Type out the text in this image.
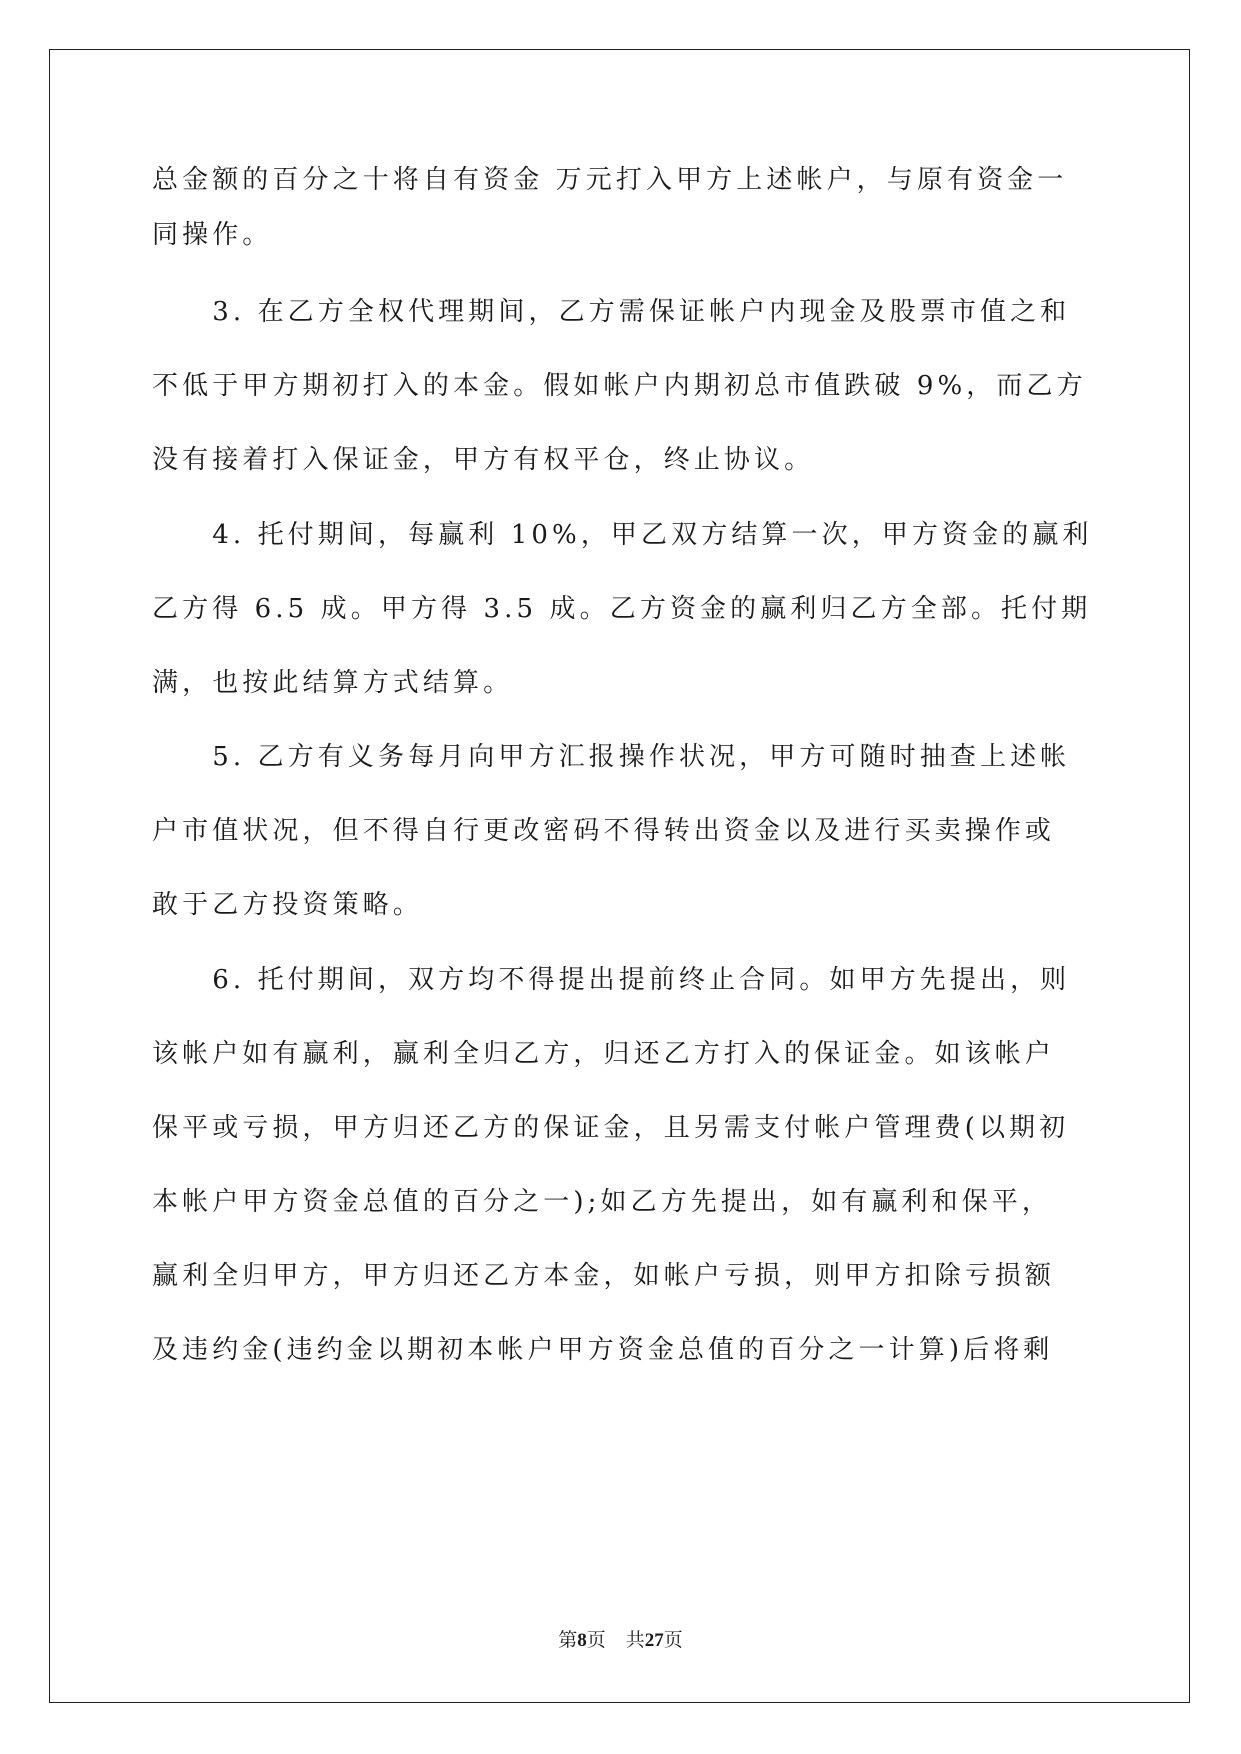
总金额的百分之十将自有资金 万元打入甲方上述帐户，与原有资金一
同操作。
　　3. 在乙方全权代理期间，乙方需保证帐户内现金及股票市值之和
不低于甲方期初打入的本金。假如帐户内期初总市值跌破 9%，而乙方
没有接着打入保证金，甲方有权平仓，终止协议。
　　4. 托付期间，每赢利 10%，甲乙双方结算一次，甲方资金的赢利
乙方得 6.5 成。甲方得 3.5 成。乙方资金的赢利归乙方全部。托付期
满，也按此结算方式结算。
　　5. 乙方有义务每月向甲方汇报操作状况，甲方可随时抽查上述帐
户市值状况，但不得自行更改密码不得转出资金以及进行买卖操作或
敢于乙方投资策略。
　　6. 托付期间，双方均不得提出提前终止合同。如甲方先提出，则
该帐户如有赢利，赢利全归乙方，归还乙方打入的保证金。如该帐户
保平或亏损，甲方归还乙方的保证金，且另需支付帐户管理费(以期初
本帐户甲方资金总值的百分之一);如乙方先提出，如有赢利和保平，
赢利全归甲方，甲方归还乙方本金，如帐户亏损，则甲方扣除亏损额
及违约金(违约金以期初本帐户甲方资金总值的百分之一计算)后将剩
第8页 共27页
